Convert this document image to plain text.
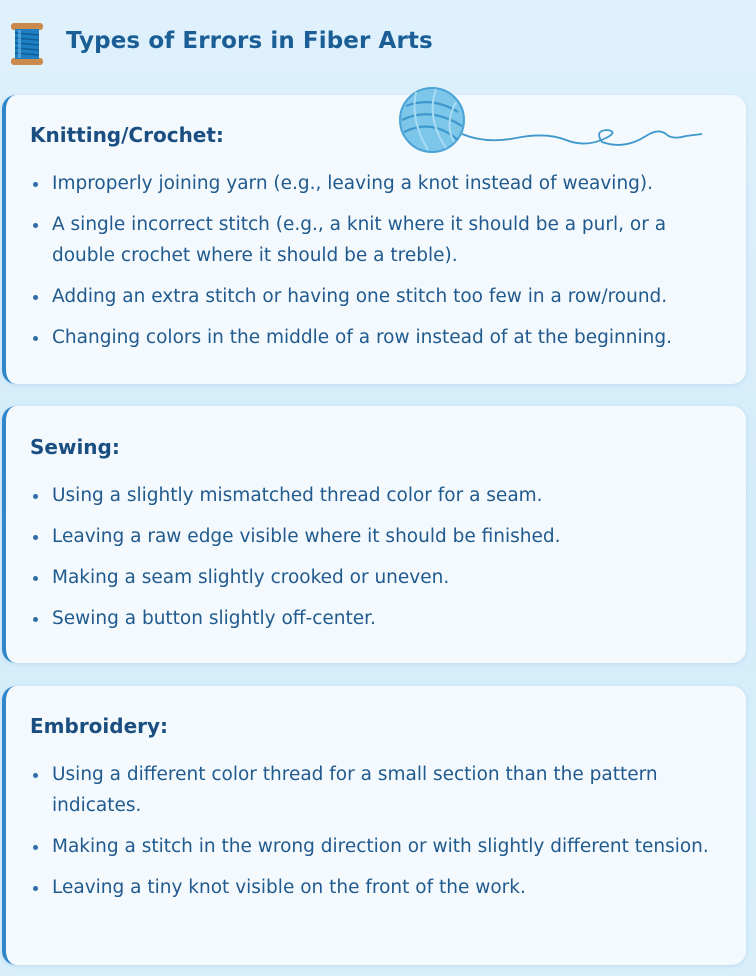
Types of Errors in Fiber Arts
Knitting/Crochet:
Improperly joining yarn (e.g., leaving a knot instead of weaving).
A single incorrect stitch (e.g., a knit where it should be a purl, or a double crochet where it should be a treble).
Adding an extra stitch or having one stitch too few in a row/round.
Changing colors in the middle of a row instead of at the beginning.
Sewing:
Using a slightly mismatched thread color for a seam.
Leaving a raw edge visible where it should be finished.
Making a seam slightly crooked or uneven.
Sewing a button slightly off-center.
Embroidery:
Using a different color thread for a small section than the pattern indicates.
Making a stitch in the wrong direction or with slightly different tension.
Leaving a tiny knot visible on the front of the work.
